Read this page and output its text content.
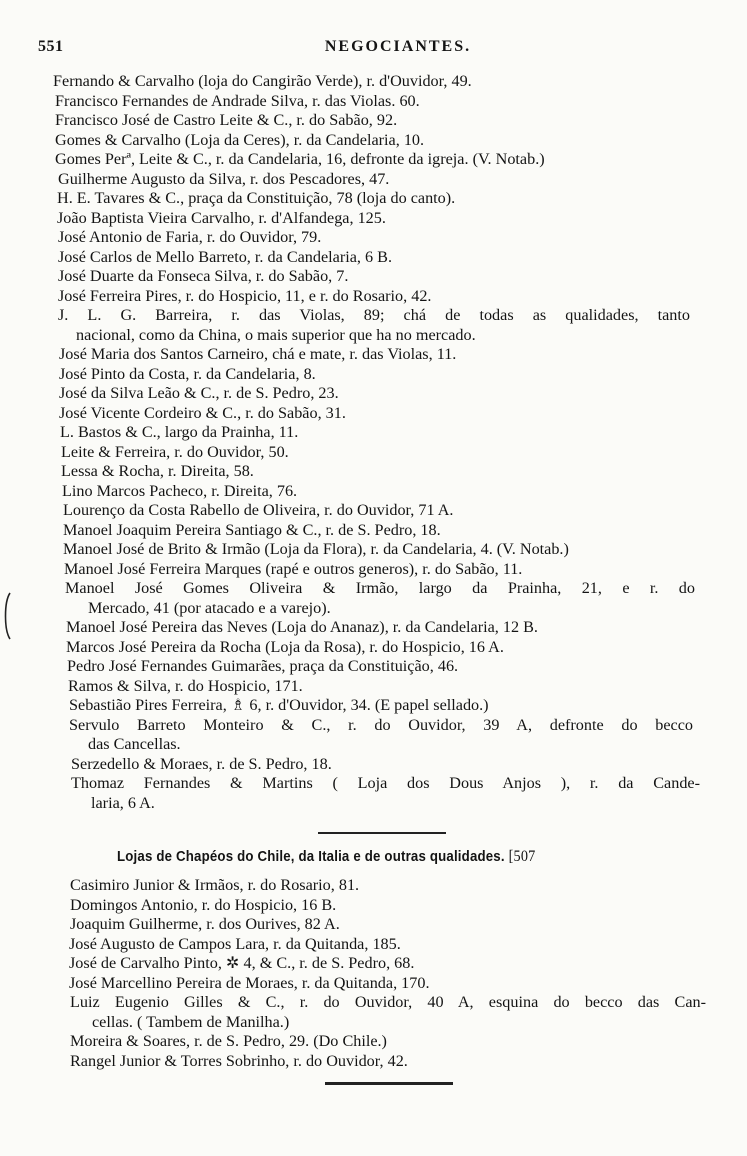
551	NEGOCIANTES.
Fernando & Carvalho (loja do Cangirão Verde), r. d'Ouvidor, 49.
Francisco Fernandes de Andrade Silva, r. das Violas. 60.
Francisco José de Castro Leite & C., r. do Sabão, 92.
Gomes & Carvalho (Loja da Ceres), r. da Candelaria, 10.
Gomes Perª, Leite & C., r. da Candelaria, 16, defronte da igreja. (V. Notab.)
Guilherme Augusto da Silva, r. dos Pescadores, 47.
H. E. Tavares & C., praça da Constituição, 78 (loja do canto).
João Baptista Vieira Carvalho, r. d'Alfandega, 125.
José Antonio de Faria, r. do Ouvidor, 79.
José Carlos de Mello Barreto, r. da Candelaria, 6 B.
José Duarte da Fonseca Silva, r. do Sabão, 7.
José Ferreira Pires, r. do Hospicio, 11, e r. do Rosario, 42.
J. L. G. Barreira, r. das Violas, 89; chá de todas as qualidades, tanto
nacional, como da China, o mais superior que ha no mercado.
José Maria dos Santos Carneiro, chá e mate, r. das Violas, 11.
José Pinto da Costa, r. da Candelaria, 8.
José da Silva Leão & C., r. de S. Pedro, 23.
José Vicente Cordeiro & C., r. do Sabão, 31.
L. Bastos & C., largo da Prainha, 11.
Leite & Ferreira, r. do Ouvidor, 50.
Lessa & Rocha, r. Direita, 58.
Lino Marcos Pacheco, r. Direita, 76.
Lourenço da Costa Rabello de Oliveira, r. do Ouvidor, 71 A.
Manoel Joaquim Pereira Santiago & C., r. de S. Pedro, 18.
Manoel José de Brito & Irmão (Loja da Flora), r. da Candelaria, 4. (V. Notab.)
Manoel José Ferreira Marques (rapé e outros generos), r. do Sabão, 11.
Manoel José Gomes Oliveira & Irmão, largo da Prainha, 21, e r. do
Mercado, 41 (por atacado e a varejo).
Manoel José Pereira das Neves (Loja do Ananaz), r. da Candelaria, 12 B.
Marcos José Pereira da Rocha (Loja da Rosa), r. do Hospicio, 16 A.
Pedro José Fernandes Guimarães, praça da Constituição, 46.
Ramos & Silva, r. do Hospicio, 171.
Sebastião Pires Ferreira, ♗ 6, r. d'Ouvidor, 34. (E papel sellado.)
Servulo Barreto Monteiro & C., r. do Ouvidor, 39 A, defronte do becco
das Cancellas.
Serzedello & Moraes, r. de S. Pedro, 18.
Thomaz Fernandes & Martins ( Loja dos Dous Anjos ), r. da Cande-
laria, 6 A.
Lojas de Chapéos do Chile, da Italia e de outras qualidades. [507
Casimiro Junior & Irmãos, r. do Rosario, 81.
Domingos Antonio, r. do Hospicio, 16 B.
Joaquim Guilherme, r. dos Ourives, 82 A.
José Augusto de Campos Lara, r. da Quitanda, 185.
José de Carvalho Pinto, ✲ 4, & C., r. de S. Pedro, 68.
José Marcellino Pereira de Moraes, r. da Quitanda, 170.
Luiz Eugenio Gilles & C., r. do Ouvidor, 40 A, esquina do becco das Can-
cellas. ( Tambem de Manilha.)
Moreira & Soares, r. de S. Pedro, 29. (Do Chile.)
Rangel Junior & Torres Sobrinho, r. do Ouvidor, 42.
